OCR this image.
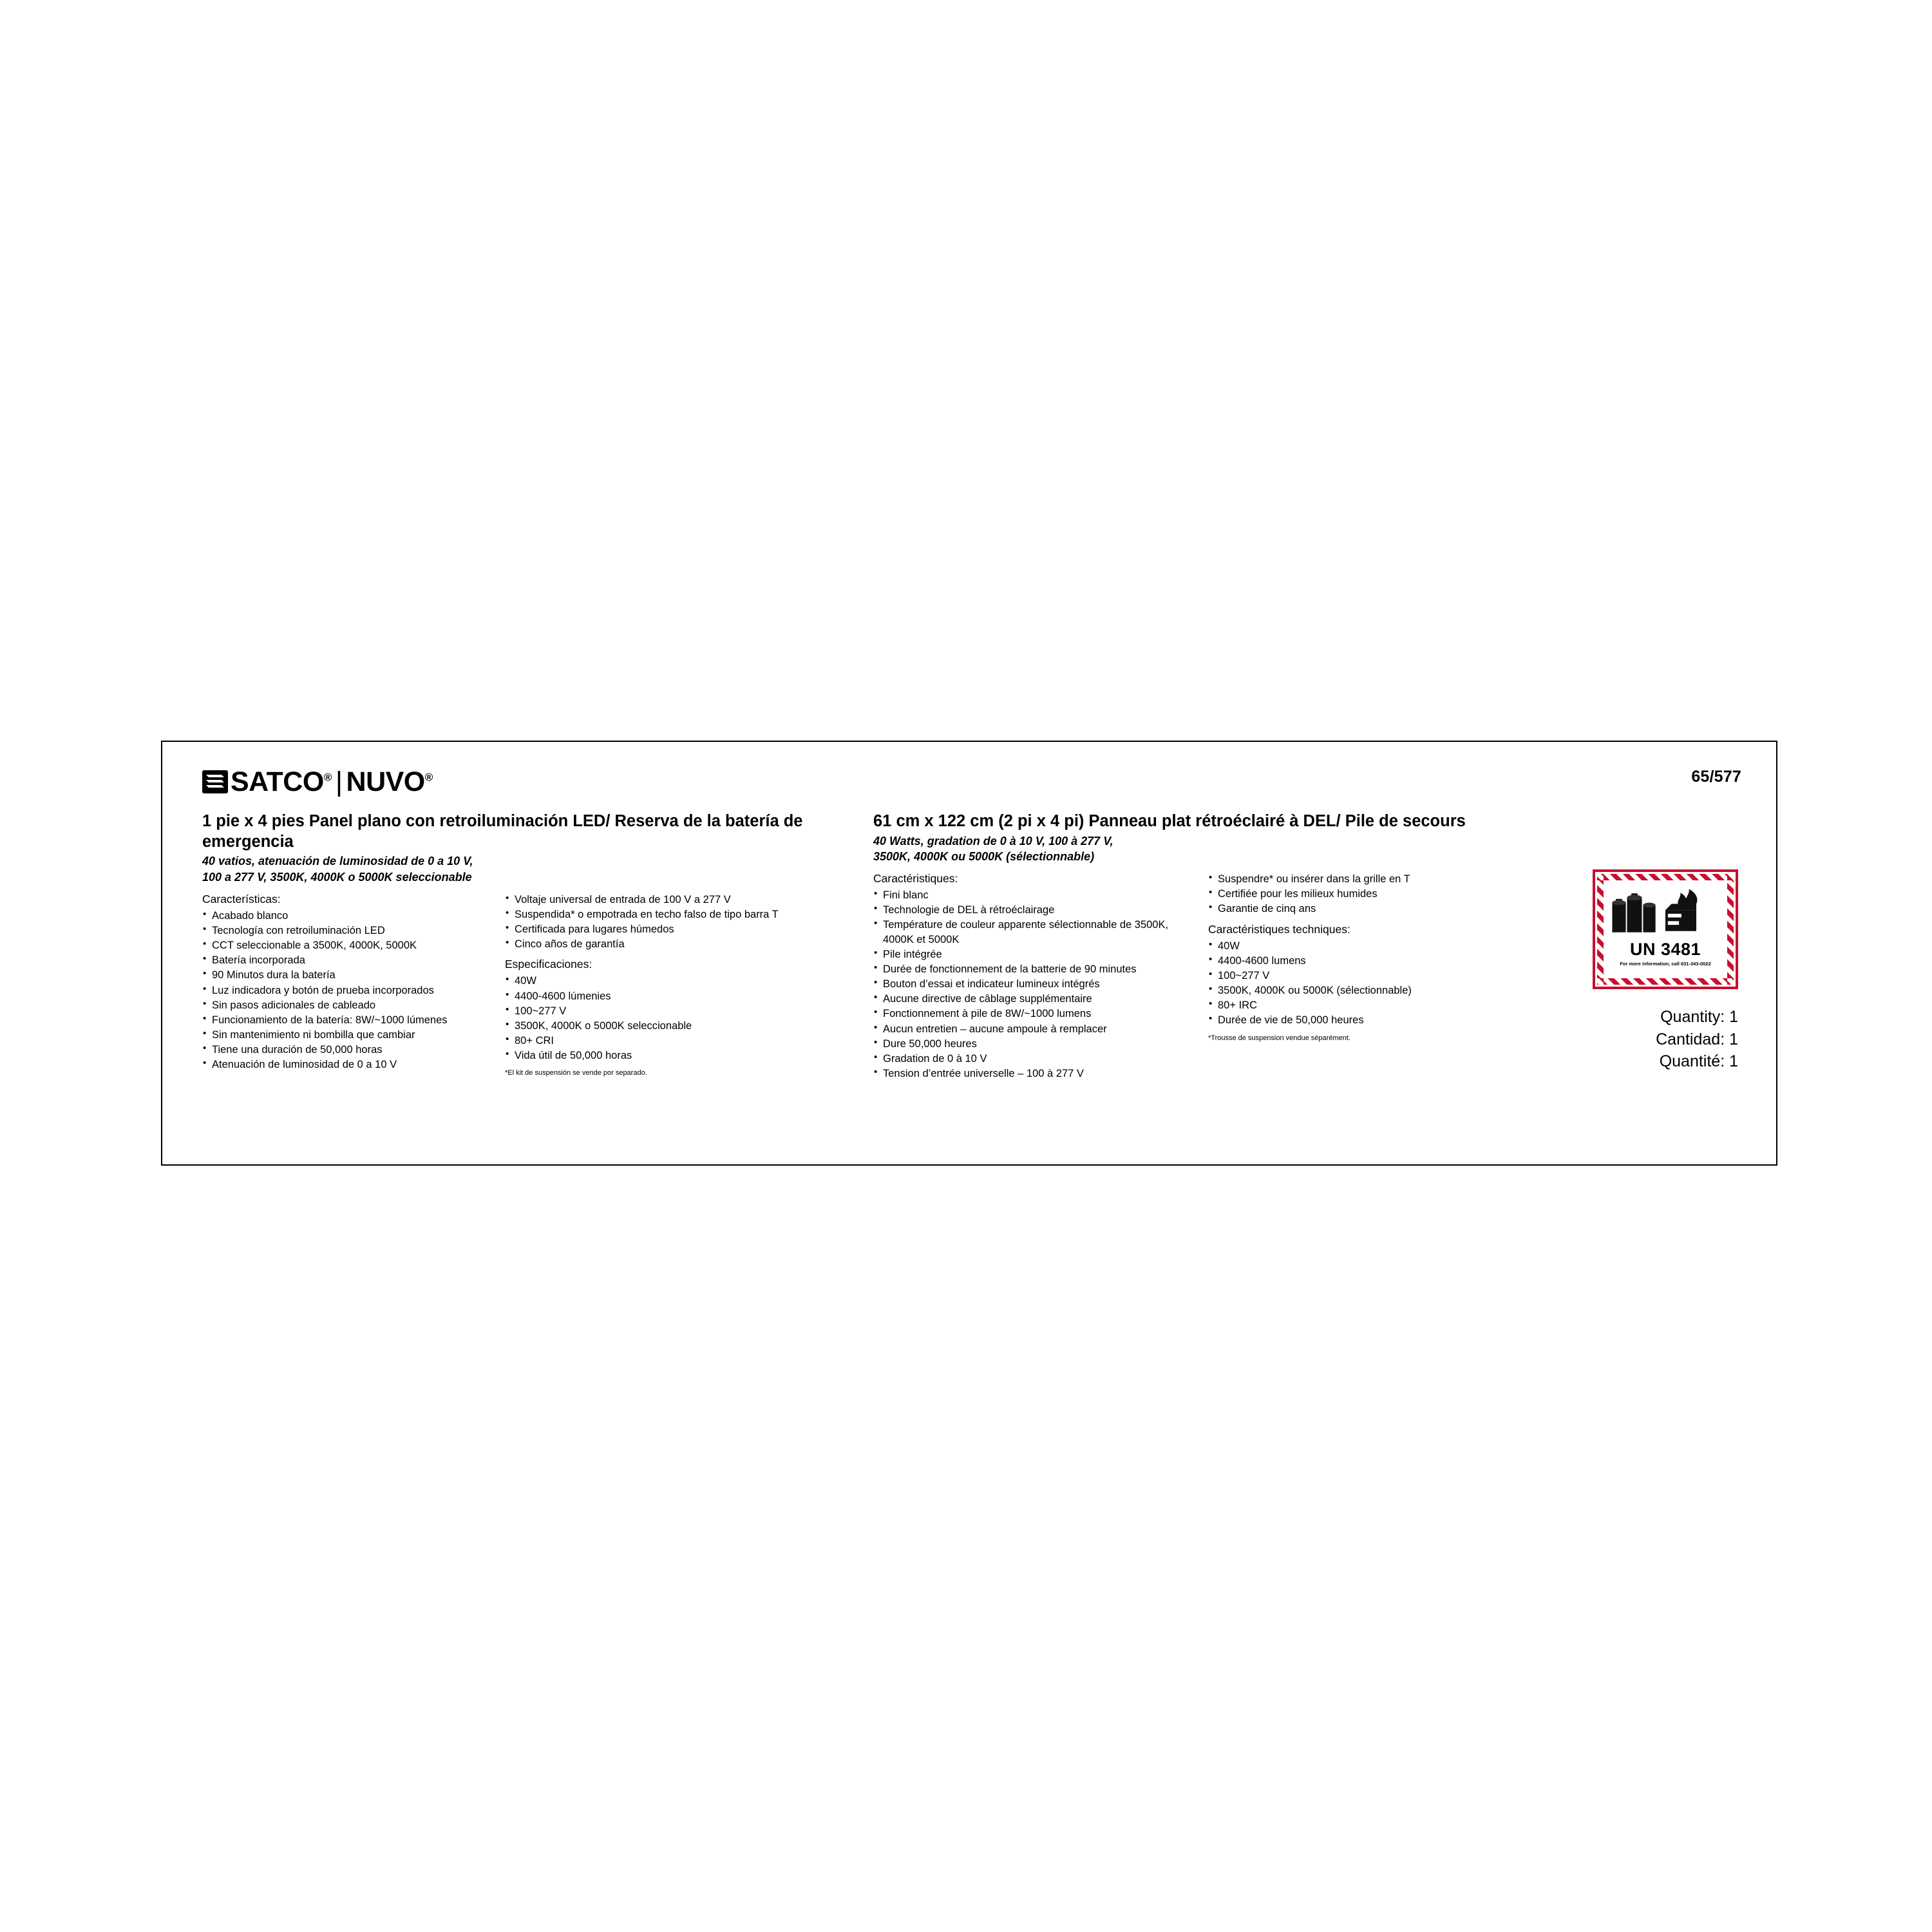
SATCO® | NUVO®	65/577
1 pie x 4 pies Panel plano con retroiluminación LED/ Reserva de la batería de emergencia
40 vatios, atenuación de luminosidad de 0 a 10 V,
100 a 277 V, 3500K, 4000K o 5000K seleccionable
Características:
• Acabado blanco
• Tecnología con retroiluminación LED
• CCT seleccionable a 3500K, 4000K, 5000K
• Batería incorporada
• 90 Minutos dura la batería
• Luz indicadora y botón de prueba incorporados
• Sin pasos adicionales de cableado
• Funcionamiento de la batería: 8W/~1000 lúmenes
• Sin mantenimiento ni bombilla que cambiar
• Tiene una duración de 50,000 horas
• Atenuación de luminosidad de 0 a 10 V
• Voltaje universal de entrada de 100 V a 277 V
• Suspendida* o empotrada en techo falso de tipo barra T
• Certificada para lugares húmedos
• Cinco años de garantía
Especificaciones:
• 40W
• 4400-4600 lúmenies
• 100~277 V
• 3500K, 4000K o 5000K seleccionable
• 80+ CRI
• Vida útil de 50,000 horas
*El kit de suspensión se vende por separado.
61 cm x 122 cm (2 pi x 4 pi) Panneau plat rétroéclairé à DEL/ Pile de secours
40 Watts, gradation de 0 à 10 V, 100 à 277 V,
3500K, 4000K ou 5000K (sélectionnable)
Caractéristiques:
• Fini blanc
• Technologie de DEL à rétroéclairage
• Température de couleur apparente sélectionnable de 3500K, 4000K et 5000K
• Pile intégrée
• Durée de fonctionnement de la batterie de 90 minutes
• Bouton d’essai et indicateur lumineux intégrés
• Aucune directive de câblage supplémentaire
• Fonctionnement à pile de 8W/~1000 lumens
• Aucun entretien – aucune ampoule à remplacer
• Dure 50,000 heures
• Gradation de 0 à 10 V
• Tension d’entrée universelle – 100 à 277 V
• Suspendre* ou insérer dans la grille en T
• Certifiée pour les milieux humides
• Garantie de cinq ans
Caractéristiques techniques:
• 40W
• 4400-4600 lumens
• 100~277 V
• 3500K, 4000K ou 5000K (sélectionnable)
• 80+ IRC
• Durée de vie de 50,000 heures
*Trousse de suspension vendue séparément.
UN 3481
For more information, call 631-343-0022
Quantity: 1
Cantidad: 1
Quantité: 1
